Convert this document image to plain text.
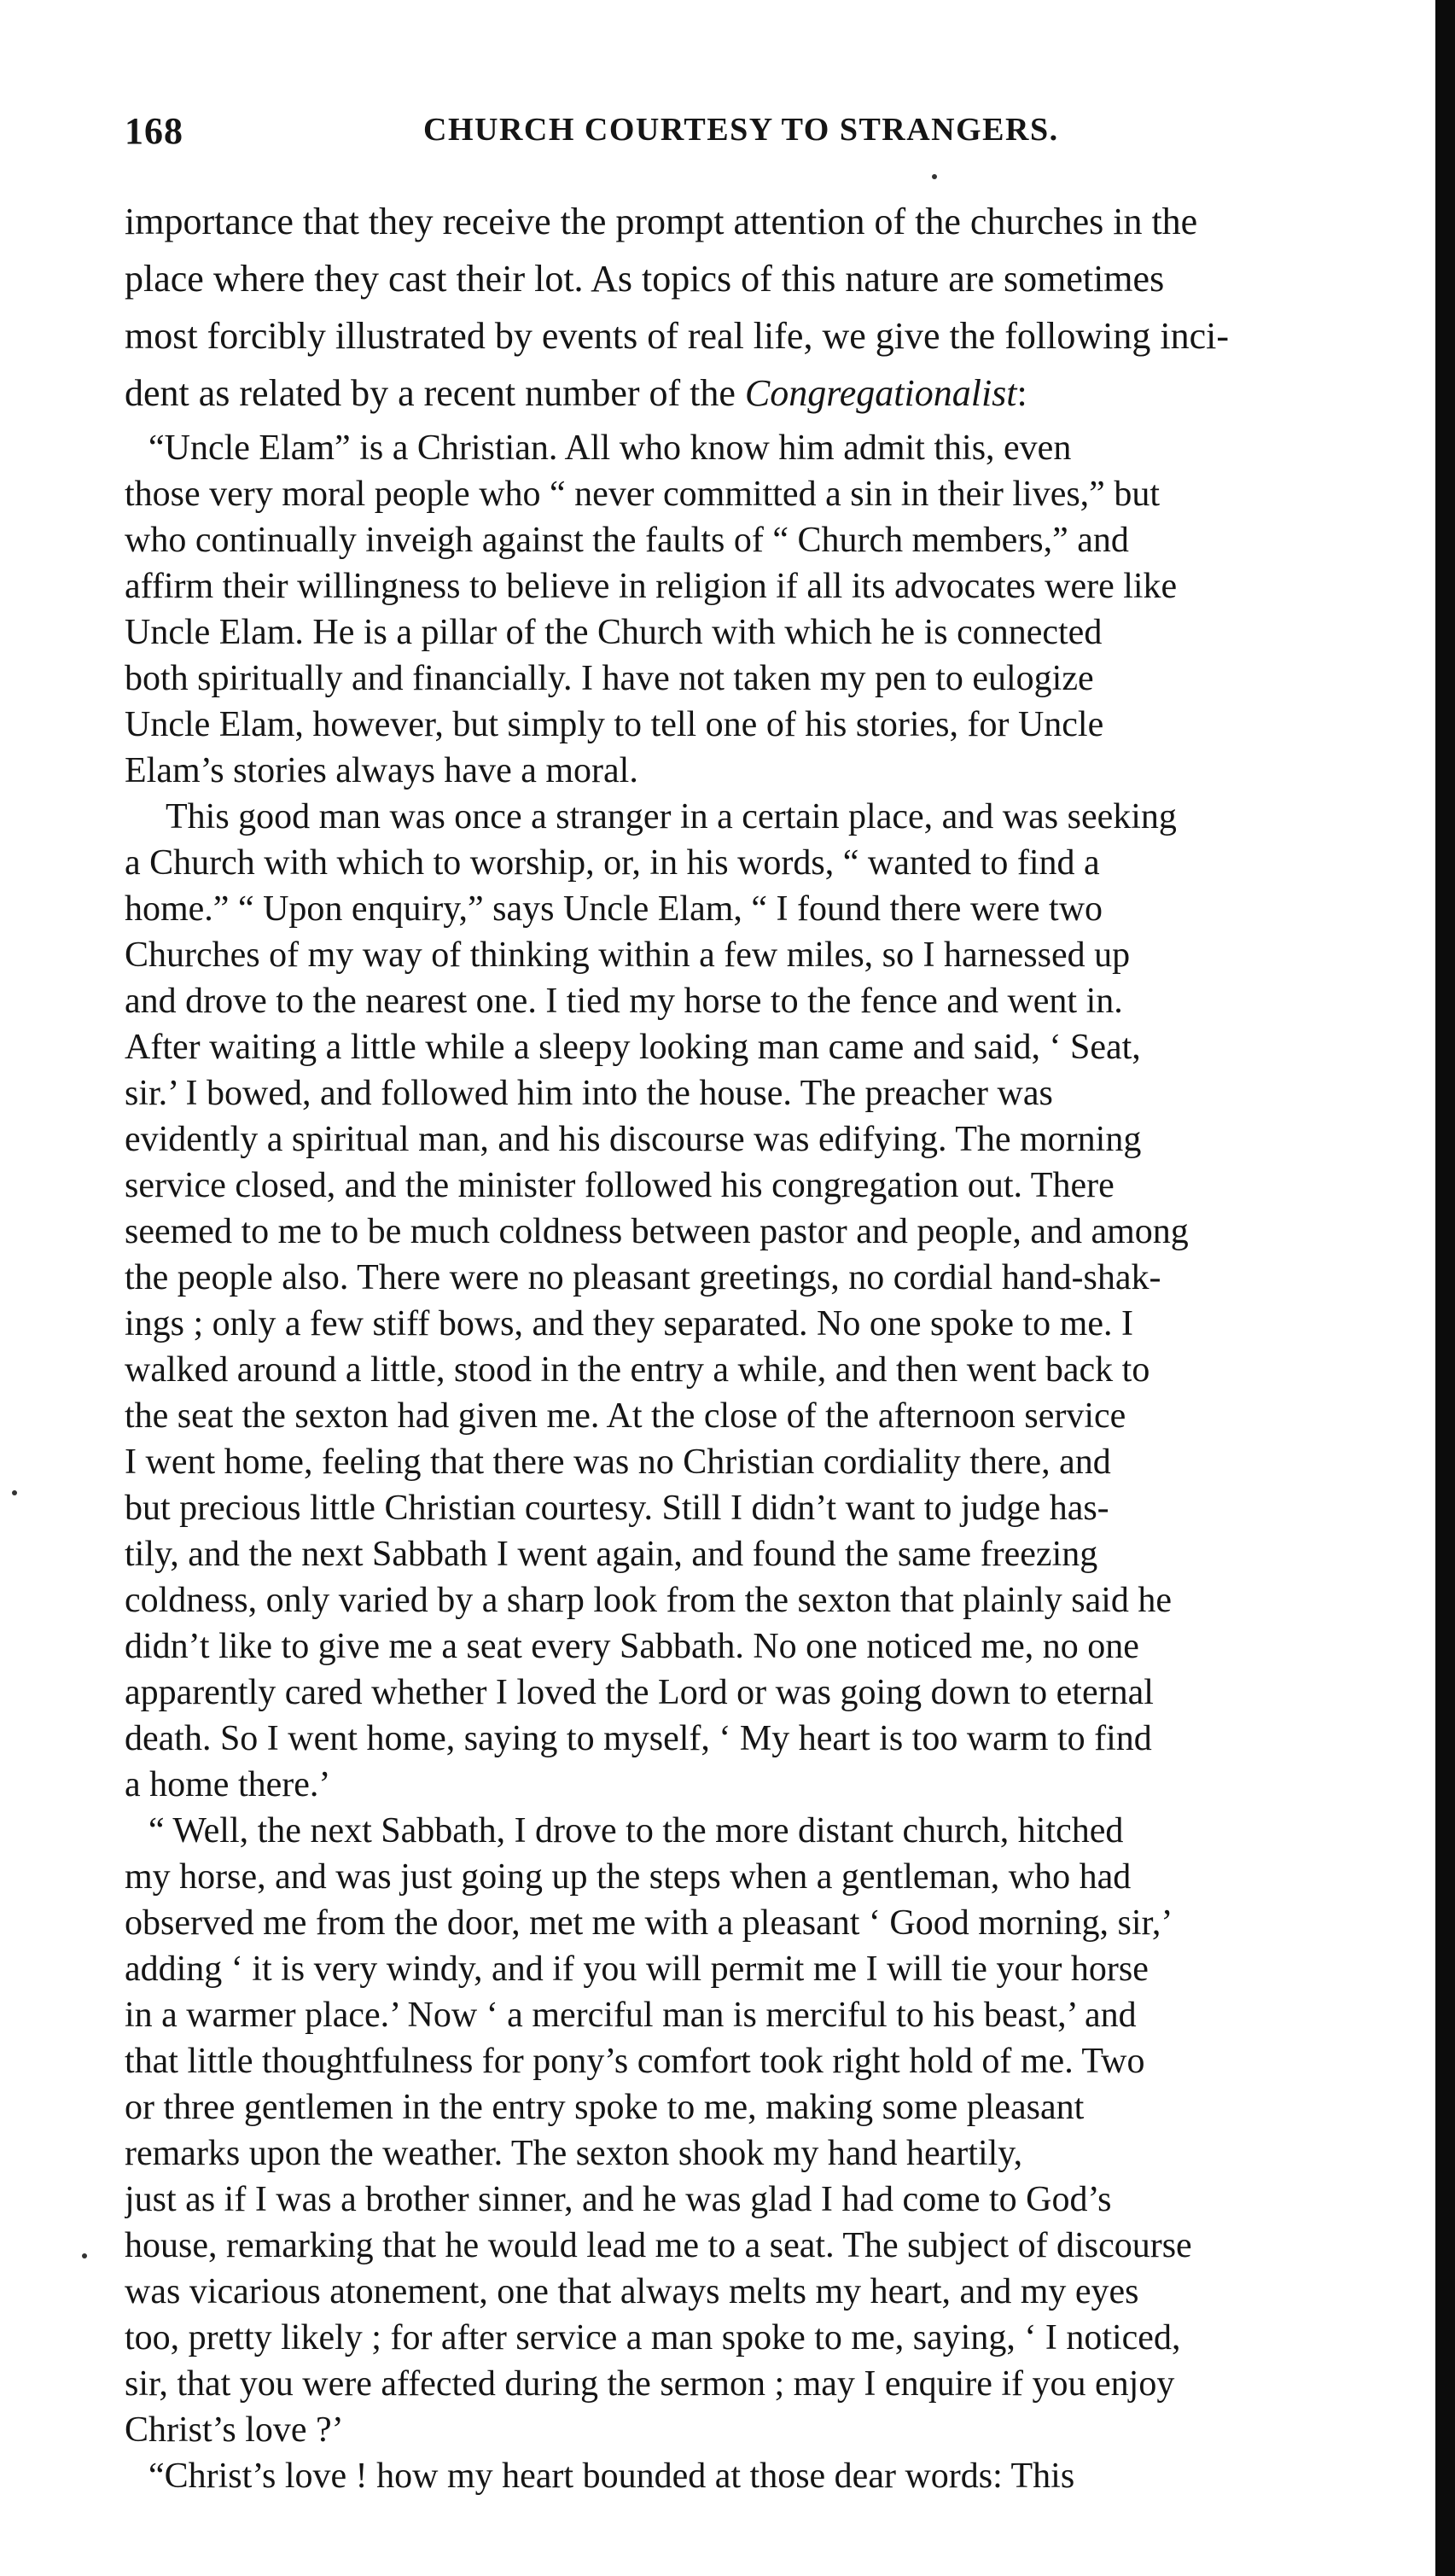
168	CHURCH COURTESY TO STRANGERS.
importance that they receive the prompt attention of the churches in the
place where they cast their lot. As topics of this nature are sometimes
most forcibly illustrated by events of real life, we give the following inci-
dent as related by a recent number of the Congregationalist:
“Uncle Elam” is a Christian. All who know him admit this, even
those very moral people who “ never committed a sin in their lives,” but
who continually inveigh against the faults of “ Church members,” and
affirm their willingness to believe in religion if all its advocates were like
Uncle Elam. He is a pillar of the Church with which he is connected
both spiritually and financially. I have not taken my pen to eulogize
Uncle Elam, however, but simply to tell one of his stories, for Uncle
Elam’s stories always have a moral.
This good man was once a stranger in a certain place, and was seeking
a Church with which to worship, or, in his words, “ wanted to find a
home.” “ Upon enquiry,” says Uncle Elam, “ I found there were two
Churches of my way of thinking within a few miles, so I harnessed up
and drove to the nearest one. I tied my horse to the fence and went in.
After waiting a little while a sleepy looking man came and said, ‘ Seat,
sir.’ I bowed, and followed him into the house. The preacher was
evidently a spiritual man, and his discourse was edifying. The morning
service closed, and the minister followed his congregation out. There
seemed to me to be much coldness between pastor and people, and among
the people also. There were no pleasant greetings, no cordial hand-shak-
ings ; only a few stiff bows, and they separated. No one spoke to me. I
walked around a little, stood in the entry a while, and then went back to
the seat the sexton had given me. At the close of the afternoon service
I went home, feeling that there was no Christian cordiality there, and
but precious little Christian courtesy. Still I didn’t want to judge has-
tily, and the next Sabbath I went again, and found the same freezing
coldness, only varied by a sharp look from the sexton that plainly said he
didn’t like to give me a seat every Sabbath. No one noticed me, no one
apparently cared whether I loved the Lord or was going down to eternal
death. So I went home, saying to myself, ‘ My heart is too warm to find
a home there.’
“ Well, the next Sabbath, I drove to the more distant church, hitched
my horse, and was just going up the steps when a gentleman, who had
observed me from the door, met me with a pleasant ‘ Good morning, sir,’
adding ‘ it is very windy, and if you will permit me I will tie your horse
in a warmer place.’ Now ‘ a merciful man is merciful to his beast,’ and
that little thoughtfulness for pony’s comfort took right hold of me. Two
or three gentlemen in the entry spoke to me, making some pleasant
remarks upon the weather. The sexton shook my hand heartily,
just as if I was a brother sinner, and he was glad I had come to God’s
house, remarking that he would lead me to a seat. The subject of discourse
was vicarious atonement, one that always melts my heart, and my eyes
too, pretty likely ; for after service a man spoke to me, saying, ‘ I noticed,
sir, that you were affected during the sermon ; may I enquire if you enjoy
Christ’s love ?’
“Christ’s love ! how my heart bounded at those dear words: This
